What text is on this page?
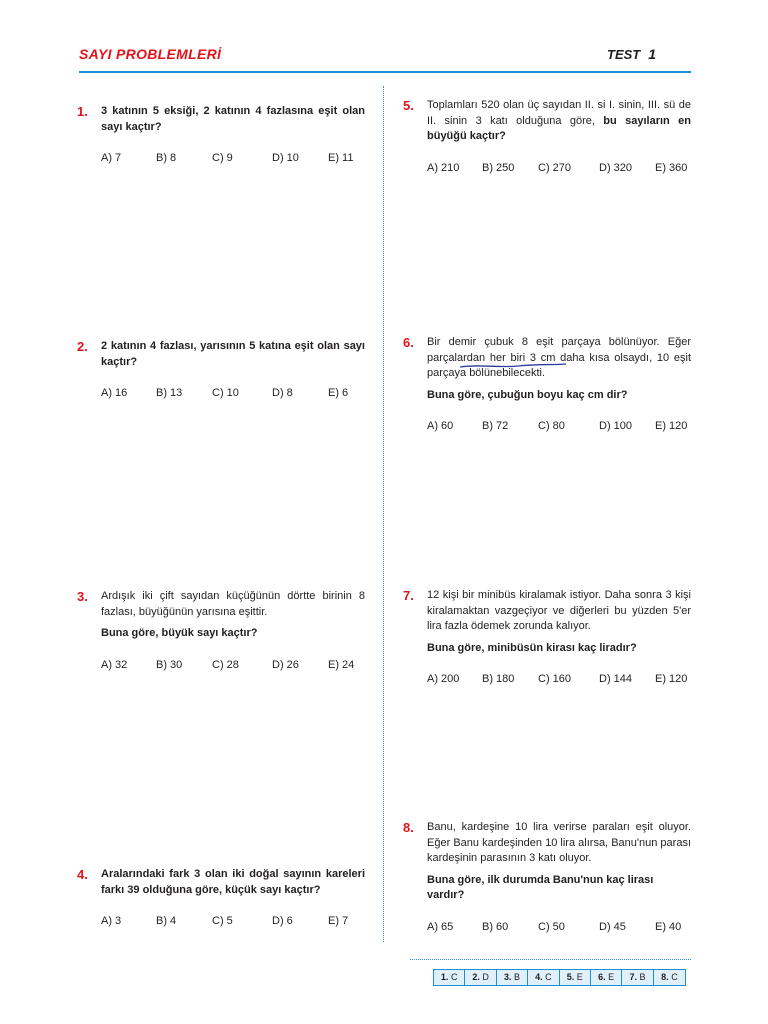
SAYI PROBLEMLERİ	TEST 1
1. 3 katının 5 eksiği, 2 katının 4 fazlasına eşit olan sayı kaçtır?

A) 7	B) 8	C) 9	D) 10	E) 11
2. 2 katının 4 fazlası, yarısının 5 katına eşit olan sayı kaçtır?

A) 16	B) 13	C) 10	D) 8	E) 6
3. Ardışık iki çift sayıdan küçüğünün dörtte birinin 8 fazlası, büyüğünün yarısına eşittir.

Buna göre, büyük sayı kaçtır?

A) 32	B) 30	C) 28	D) 26	E) 24
4. Aralarındaki fark 3 olan iki doğal sayının kareleri farkı 39 olduğuna göre, küçük sayı kaçtır?

A) 3	B) 4	C) 5	D) 6	E) 7
5. Toplamları 520 olan üç sayıdan II. si I. sinin, III. sü de II. sinin 3 katı olduğuna göre, bu sayıların en büyüğü kaçtır?

A) 210 B) 250 C) 270	D) 320 E) 360
6. Bir demir çubuk 8 eşit parçaya bölünüyor. Eğer parçalardan her biri 3 cm daha kısa olsaydı, 10 eşit parçaya bölünebilecekti.

Buna göre, çubuğun boyu kaç cm dir?

A) 60	B) 72	C) 80	D) 100 E) 120
7. 12 kişi bir minibüs kiralamak istiyor. Daha sonra 3 kişi kiralamaktan vazgeçiyor ve diğerleri bu yüzden 5'er lira fazla ödemek zorunda kalıyor.

Buna göre, minibüsün kirası kaç liradır?

A) 200 B) 180 C) 160	D) 144 E) 120
8. Banu, kardeşine 10 lira verirse paraları eşit oluyor. Eğer Banu kardeşinden 10 lira alırsa, Banu'nun parası kardeşinin parasının 3 katı oluyor.

Buna göre, ilk durumda Banu'nun kaç lirası vardır?

A) 65	B) 60	C) 50	D) 45	E) 40
1. C	2. D	3. B	4. C	5. E	6. E	7. B	8. C
